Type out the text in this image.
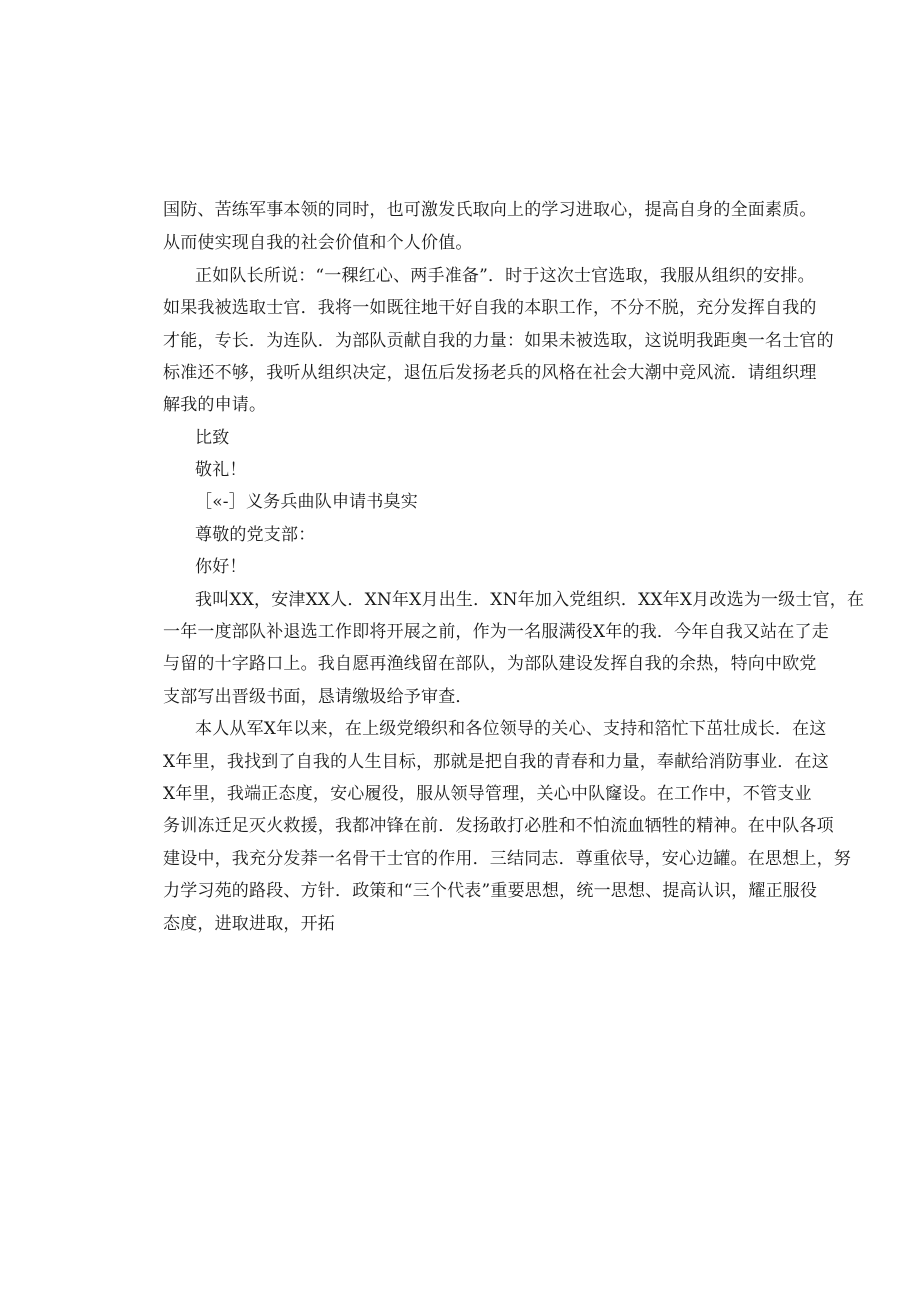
国防、苦练军事本领的同时，也可激发氏取向上的学习进取心，提高自身的全面素质。
从而使实现自我的社会价值和个人价值。
正如队长所说：“一稞红心、两手准备”．时于这次士官选取，我服从组织的安排。
如果我被选取士官．我将一如既往地干好自我的本职工作，不分不脱，充分发挥自我的
才能，专长．为连队．为部队贡献自我的力量：如果未被选取，这说明我距奥一名士官的
标准还不够，我听从组织决定，退伍后发扬老兵的风格在社会大潮中竞风流．请组织理
解我的申请。
比致
敬礼！
［«-］义务兵曲队申请书臭实
尊敬的党支部：
你好！
我叫XX，安津XX人．XN年X月出生．XN年加入党组织．XX年X月改选为一级士官，在
一年一度部队补退选工作即将开展之前，作为一名服满役X年的我．今年自我又站在了走
与留的十字路口上。我自愿再渔线留在部队，为部队建设发挥自我的余热，特向中欧党
支部写出晋级书面，恳请缴圾给予审查．
本人从军X年以来，在上级党缎织和各位领导的关心、支持和箔忙下茁壮成长．在这
X年里，我找到了自我的人生目标，那就是把自我的青春和力量，奉献给消防事业．在这
X年里，我端正态度，安心履役，服从领导管理，关心中队窿设。在工作中，不管支业
务训冻迁足灭火救援，我都冲锋在前．发扬敢打必胜和不怕流血牺牲的精神。在中队各项
建设中，我充分发莽一名骨干士官的作用．三结同志．尊重依导，安心边罐。在思想上，努
力学习苑的路段、方针．政策和“三个代表”重要思想，统一思想、提高认识，耀正服役
态度，进取进取，开拓
